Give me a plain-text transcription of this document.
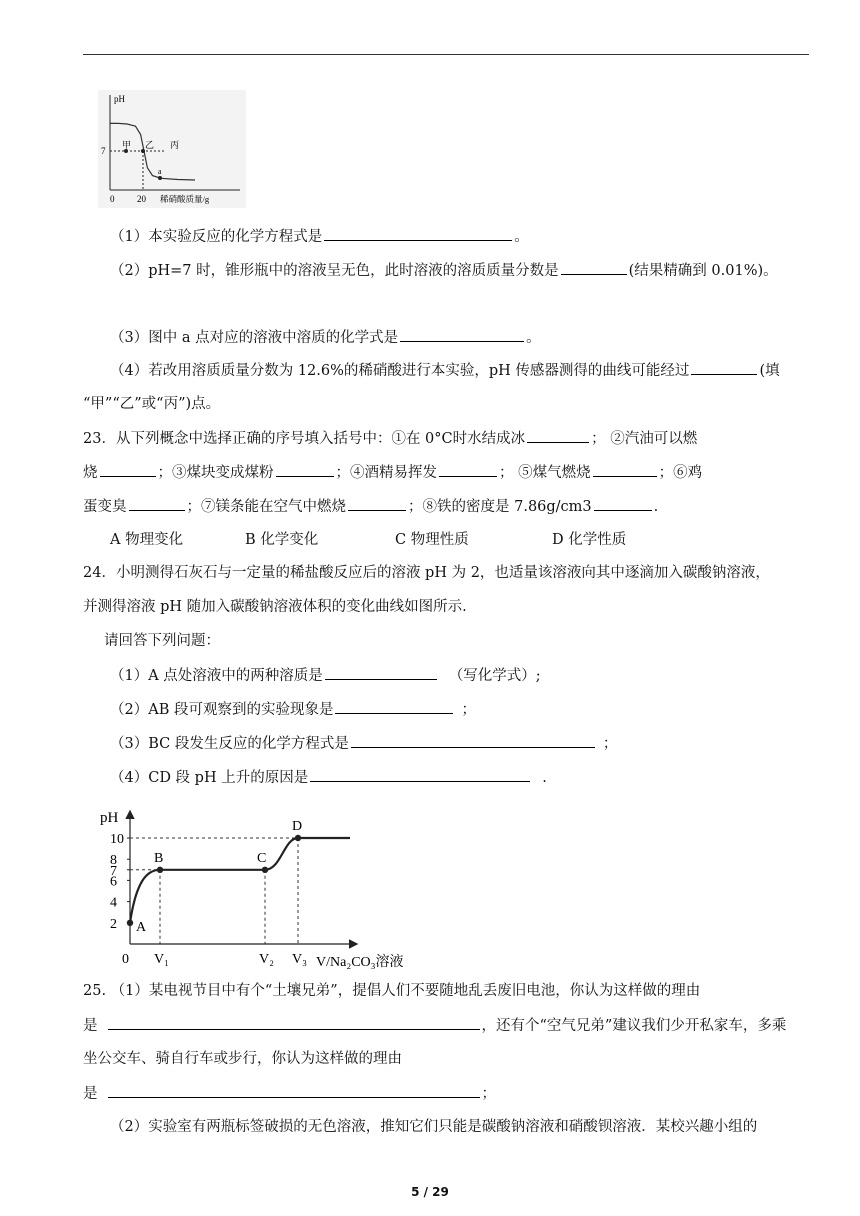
pH
7
0	20 稀硝酸质量/g
甲 乙 丙
a
（1）本实验反应的化学方程式是	。
（2）pH=7 时，锥形瓶中的溶液呈无色，此时溶液的溶质质量分数是	(结果精确到 0.01%)。
（3）图中 a 点对应的溶液中溶质的化学式是	。
（4）若改用溶质质量分数为 12.6%的稀硝酸进行本实验，pH 传感器测得的曲线可能经过	(填
“甲”“乙”或“丙”)点。
23．从下列概念中选择正确的序号填入括号中：①在 0°C时水结成冰	； ②汽油可以燃
烧	；③煤块变成煤粉	；④酒精易挥发	； ⑤煤气燃烧	；⑥鸡
蛋变臭	；⑦镁条能在空气中燃烧	；⑧铁的密度是 7.86g/cm3	.
A 物理变化	B 化学变化	C 物理性质	D 化学性质
24．小明测得石灰石与一定量的稀盐酸反应后的溶液 pH 为 2，也适量该溶液向其中逐滴加入碳酸钠溶液，
并测得溶液 pH 随加入碳酸钠溶液体积的变化曲线如图所示.
请回答下列问题：
（1）A 点处溶液中的两种溶质是	（写化学式）;
（2）AB 段可观察到的实验现象是	；
（3）BC 段发生反应的化学方程式是	；
（4）CD 段 pH 上升的原因是	.
pH
2
4
6
7
8
10
A
B	C
D
0 V₁	V₂ V₃ V/Na₂CO₃溶液
25. （1）某电视节目中有个“土壤兄弟”，提倡人们不要随地乱丢废旧电池，你认为这样做的理由
是	，还有个“空气兄弟”建议我们少开私家车，多乘
坐公交车、骑自行车或步行，你认为这样做的理由
是	；
（2）实验室有两瓶标签破损的无色溶液，推知它们只能是碳酸钠溶液和硝酸钡溶液．某校兴趣小组的
5 / 29
